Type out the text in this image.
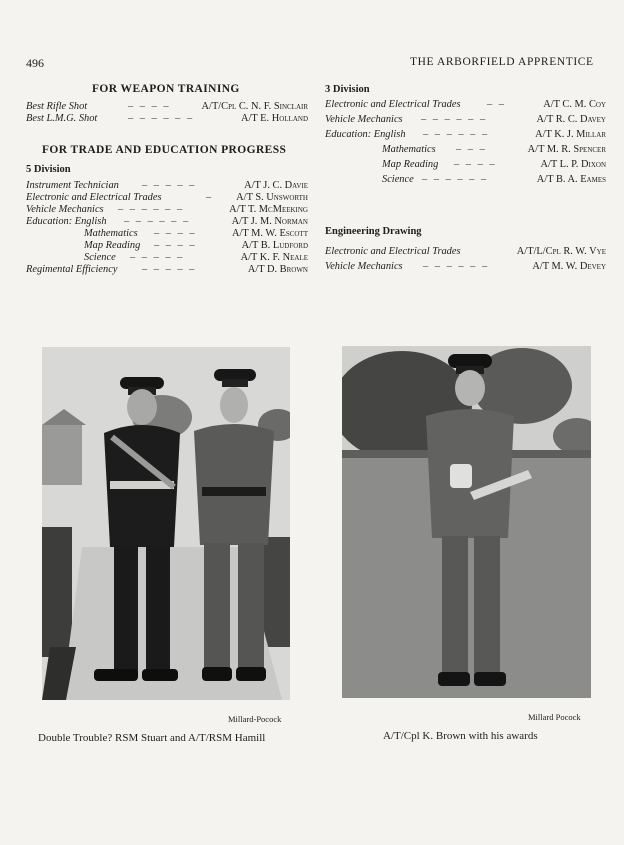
496	THE ARBORFIELD APPRENTICE
FOR WEAPON TRAINING
Best Rifle Shot	– – – –	A/T/Cpl C. N. F. Sinclair
Best L.M.G. Shot	– – – – – –	A/T E. Holland
FOR TRADE AND EDUCATION PROGRESS
5 Division
Instrument Technician – – – – –	A/T J. C. Davie
Electronic and Electrical Trades	– A/T S. Unsworth
Vehicle Mechanics – – – – – –	A/T T. McMeeking
Education: English – – – – – –	A/T J. M. Norman
Mathematics – – – –	A/T M. W. Escott
Map Reading – – – –	A/T B. Ludford
Science – – – – –	A/T K. F. Neale
Regimental Efficiency – – – – –	A/T D. Brown
3 Division
Electronic and Electrical Trades	– –	A/T C. M. Coy
Vehicle Mechanics – – – – – –	A/T R. C. Davey
Education: English – – – – – –	A/T K. J. Millar
Mathematics – – –	A/T M. R. Spencer
Map Reading – – – –	A/T L. P. Dixon
Science – – – – – –	A/T B. A. Eames
Engineering Drawing
Electronic and Electrical Trades	A/T/L/Cpl R. W. Vye
Vehicle Mechanics – – – – – –	A/T M. W. Devey
Millard-Pocock
Double Trouble? RSM Stuart and A/T/RSM Hamill
Millard Pocock
A/T/Cpl K. Brown with his awards
